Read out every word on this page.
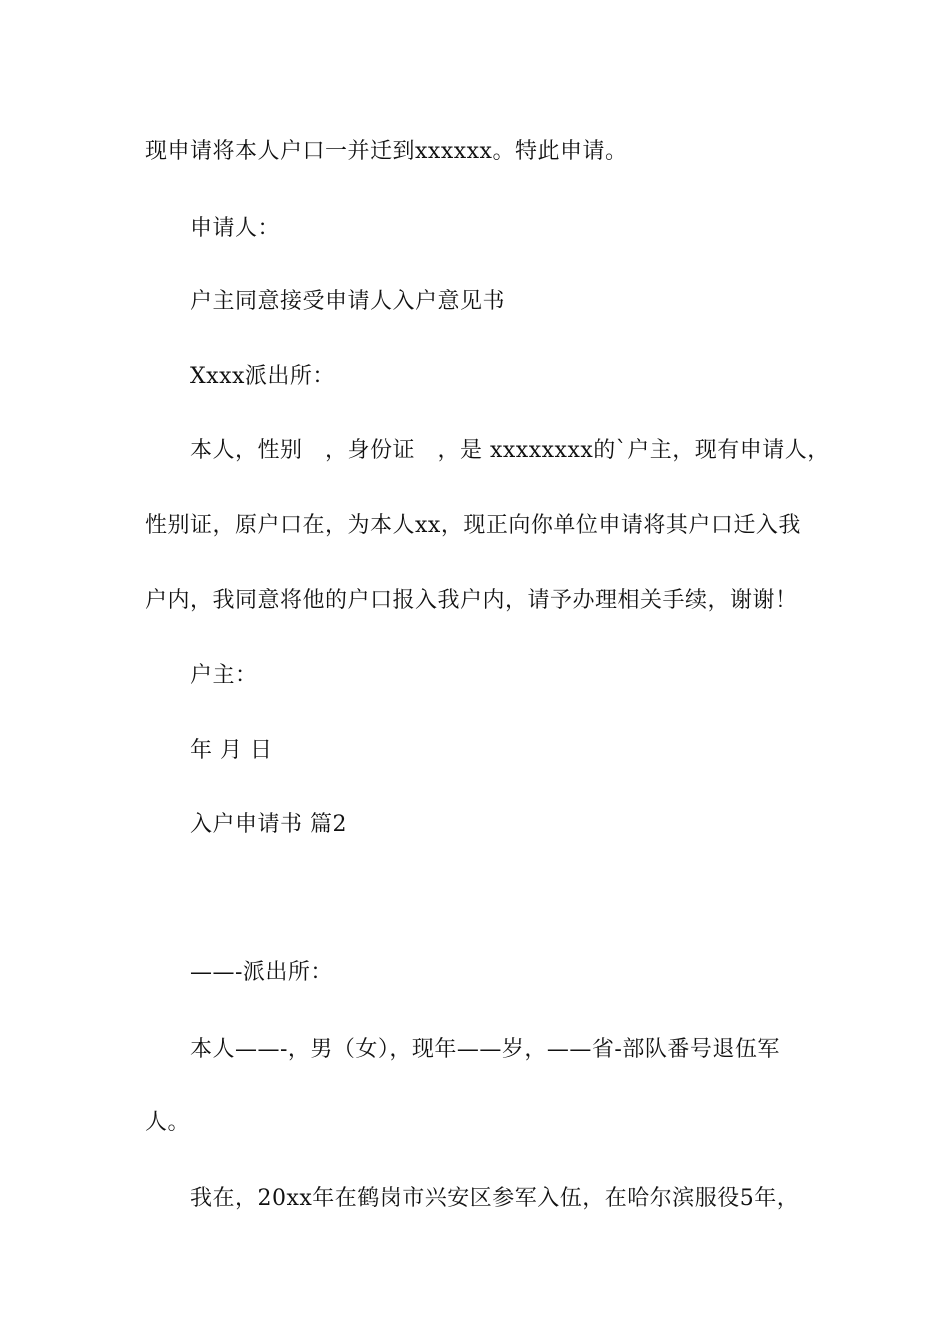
现申请将本人户口一并迁到xxxxxx。特此申请。
申请人：
户主同意接受申请人入户意见书
Xxxx派出所：
本人，性别　，身份证　，是 xxxxxxxx的`户主，现有申请人，
性别证，原户口在，为本人xx，现正向你单位申请将其户口迁入我
户内，我同意将他的户口报入我户内，请予办理相关手续，谢谢！
户主：
年 月 日
入户申请书 篇2
——-派出所：
本人——-，男（女），现年——岁，——省-部队番号退伍军
人。
我在，20xx年在鹤岗市兴安区参军入伍，在哈尔滨服役5年，
